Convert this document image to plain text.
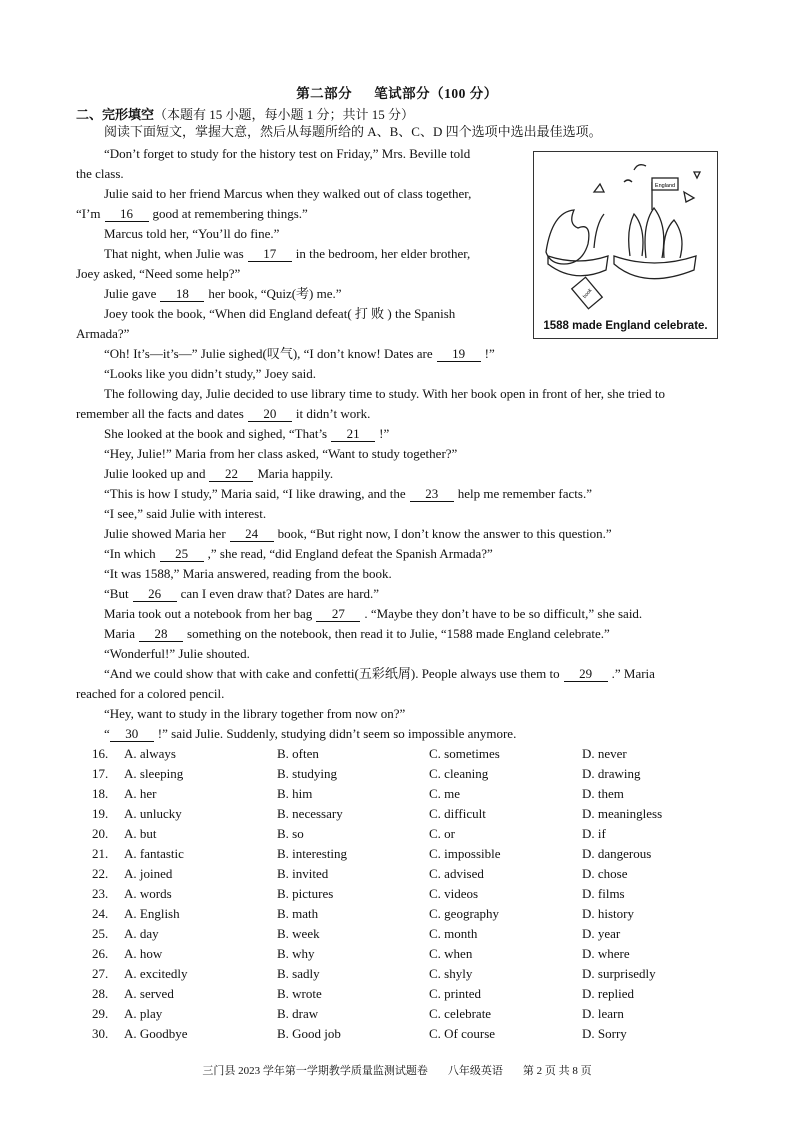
第二部分 笔试部分（100 分）
二、完形填空（本题有 15 小题，每小题 1 分；共计 15 分）
阅读下面短文，掌握大意，然后从每题所给的 A、B、C、D 四个选项中选出最佳选项。
England
book
1588 made England celebrate.
“Don’t forget to study for the history test on Friday,” Mrs. Beville told
the class.
Julie said to her friend Marcus when they walked out of class together,
“I’m 16 good at remembering things.”
Marcus told her, “You’ll do fine.”
That night, when Julie was 17 in the bedroom, her elder brother,
Joey asked, “Need some help?”
Julie gave 18 her book, “Quiz(考) me.”
Joey took the book, “When did England defeat( 打 败 ) the Spanish
Armada?”
“Oh! It’s—it’s—” Julie sighed(叹气), “I don’t know! Dates are 19 !”
“Looks like you didn’t study,” Joey said.
The following day, Julie decided to use library time to study. With her book open in front of her, she tried to
remember all the facts and dates 20 it didn’t work.
She looked at the book and sighed, “That’s 21 !”
“Hey, Julie!” Maria from her class asked, “Want to study together?”
Julie looked up and 22 Maria happily.
“This is how I study,” Maria said, “I like drawing, and the 23 help me remember facts.”
“I see,” said Julie with interest.
Julie showed Maria her 24 book, “But right now, I don’t know the answer to this question.”
“In which 25 ,” she read, “did England defeat the Spanish Armada?”
“It was 1588,” Maria answered, reading from the book.
“But 26 can I even draw that? Dates are hard.”
Maria took out a notebook from her bag 27 . “Maybe they don’t have to be so difficult,” she said.
Maria 28 something on the notebook, then read it to Julie, “1588 made England celebrate.”
“Wonderful!” Julie shouted.
“And we could show that with cake and confetti(五彩纸屑). People always use them to 29 .” Maria
reached for a colored pencil.
“Hey, want to study in the library together from now on?”
“ 30 !” said Julie. Suddenly, studying didn’t seem so impossible anymore.
16. A. always	B. often	C. sometimes	D. never
17. A. sleeping	B. studying	C. cleaning	D. drawing
18. A. her	B. him	C. me	D. them
19. A. unlucky	B. necessary	C. difficult	D. meaningless
20. A. but	B. so	C. or	D. if
21. A. fantastic	B. interesting	C. impossible	D. dangerous
22. A. joined	B. invited	C. advised	D. chose
23. A. words	B. pictures	C. videos	D. films
24. A. English	B. math	C. geography	D. history
25. A. day	B. week	C. month	D. year
26. A. how	B. why	C. when	D. where
27. A. excitedly	B. sadly	C. shyly	D. surprisedly
28. A. served	B. wrote	C. printed	D. replied
29. A. play	B. draw	C. celebrate	D. learn
30. A. Goodbye	B. Good job	C. Of course	D. Sorry
三门县 2023 学年第一学期教学质量监测试题卷 八年级英语 第 2 页 共 8 页
